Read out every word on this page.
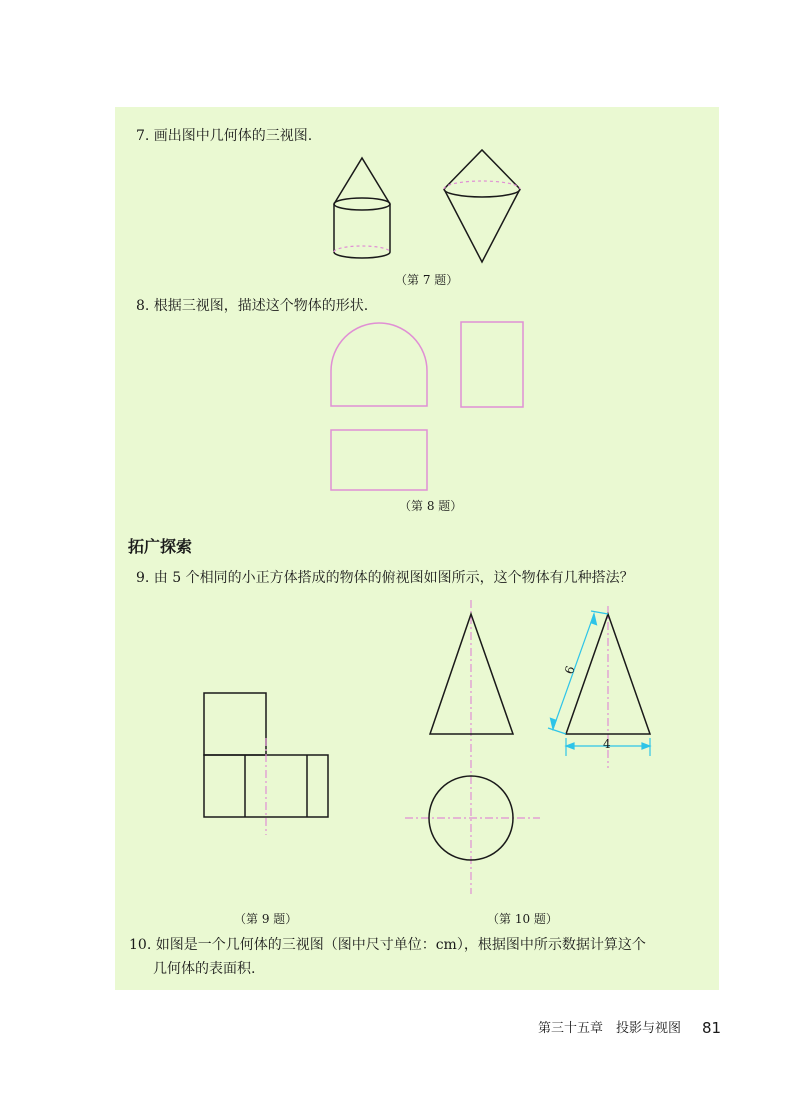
7. 画出图中几何体的三视图.
（第 7 题）
8. 根据三视图，描述这个物体的形状.
（第 8 题）
拓广探索
9. 由 5 个相同的小正方体搭成的物体的俯视图如图所示，这个物体有几种搭法？
（第 9 题）
6
4
（第 10 题）
10. 如图是一个几何体的三视图（图中尺寸单位：cm），根据图中所示数据计算这个
几何体的表面积.
第三十五章　投影与视图 81
